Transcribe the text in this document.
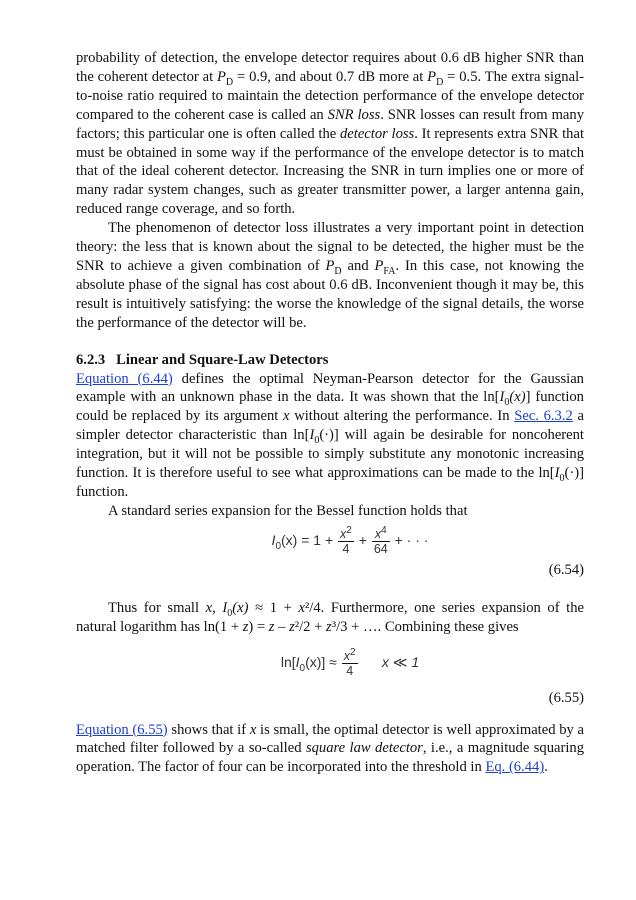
probability of detection, the envelope detector requires about 0.6 dB higher SNR than the coherent detector at $P_D = 0.9$, and about 0.7 dB more at $P_D = 0.5$. The extra signal-to-noise ratio required to maintain the detection performance of the envelope detector compared to the coherent case is called an SNR loss. SNR losses can result from many factors; this particular one is often called the detector loss. It represents extra SNR that must be obtained in some way if the performance of the envelope detector is to match that of the ideal coherent detector. Increasing the SNR in turn implies one or more of many radar system changes, such as greater transmitter power, a larger antenna gain, reduced range coverage, and so forth.

The phenomenon of detector loss illustrates a very important point in detection theory: the less that is known about the signal to be detected, the higher must be the SNR to achieve a given combination of $P_D$ and $P_{FA}$. In this case, not knowing the absolute phase of the signal has cost about 0.6 dB. Inconvenient though it may be, this result is intuitively satisfying: the worse the knowledge of the signal details, the worse the performance of the detector will be.

6.2.3 Linear and Square-Law Detectors

Equation (6.44) defines the optimal Neyman-Pearson detector for the Gaussian example with an unknown phase in the data. It was shown that the $\ln[I_0(x)]$ function could be replaced by its argument x without altering the performance. In Sec. 6.3.2 a simpler detector characteristic than $\ln[I_0(\cdot)]$ will again be desirable for noncoherent integration, but it will not be possible to simply substitute any monotonic increasing function. It is therefore useful to see what approximations can be made to the $\ln[I_0(\cdot)]$ function.

A standard series expansion for the Bessel function holds that

$I_0(x) = 1 + \frac{x^2}{4} + \frac{x^4}{64}$ + · · ·
(6.54)

Thus for small x, $I_0(x) \approx 1 + x^2/4$. Furthermore, one series expansion of the natural logarithm has ln(1 + z) = z – z²/2 + z³/3 + …. Combining these gives

$\ln[I_0(x)] \approx \frac{x^2}{4}$ x ≪ 1
(6.55)

Equation (6.55) shows that if x is small, the optimal detector is well approximated by a matched filter followed by a so-called square law detector, i.e., a magnitude squaring operation. The factor of four can be incorporated into the threshold in Eq. (6.44).
